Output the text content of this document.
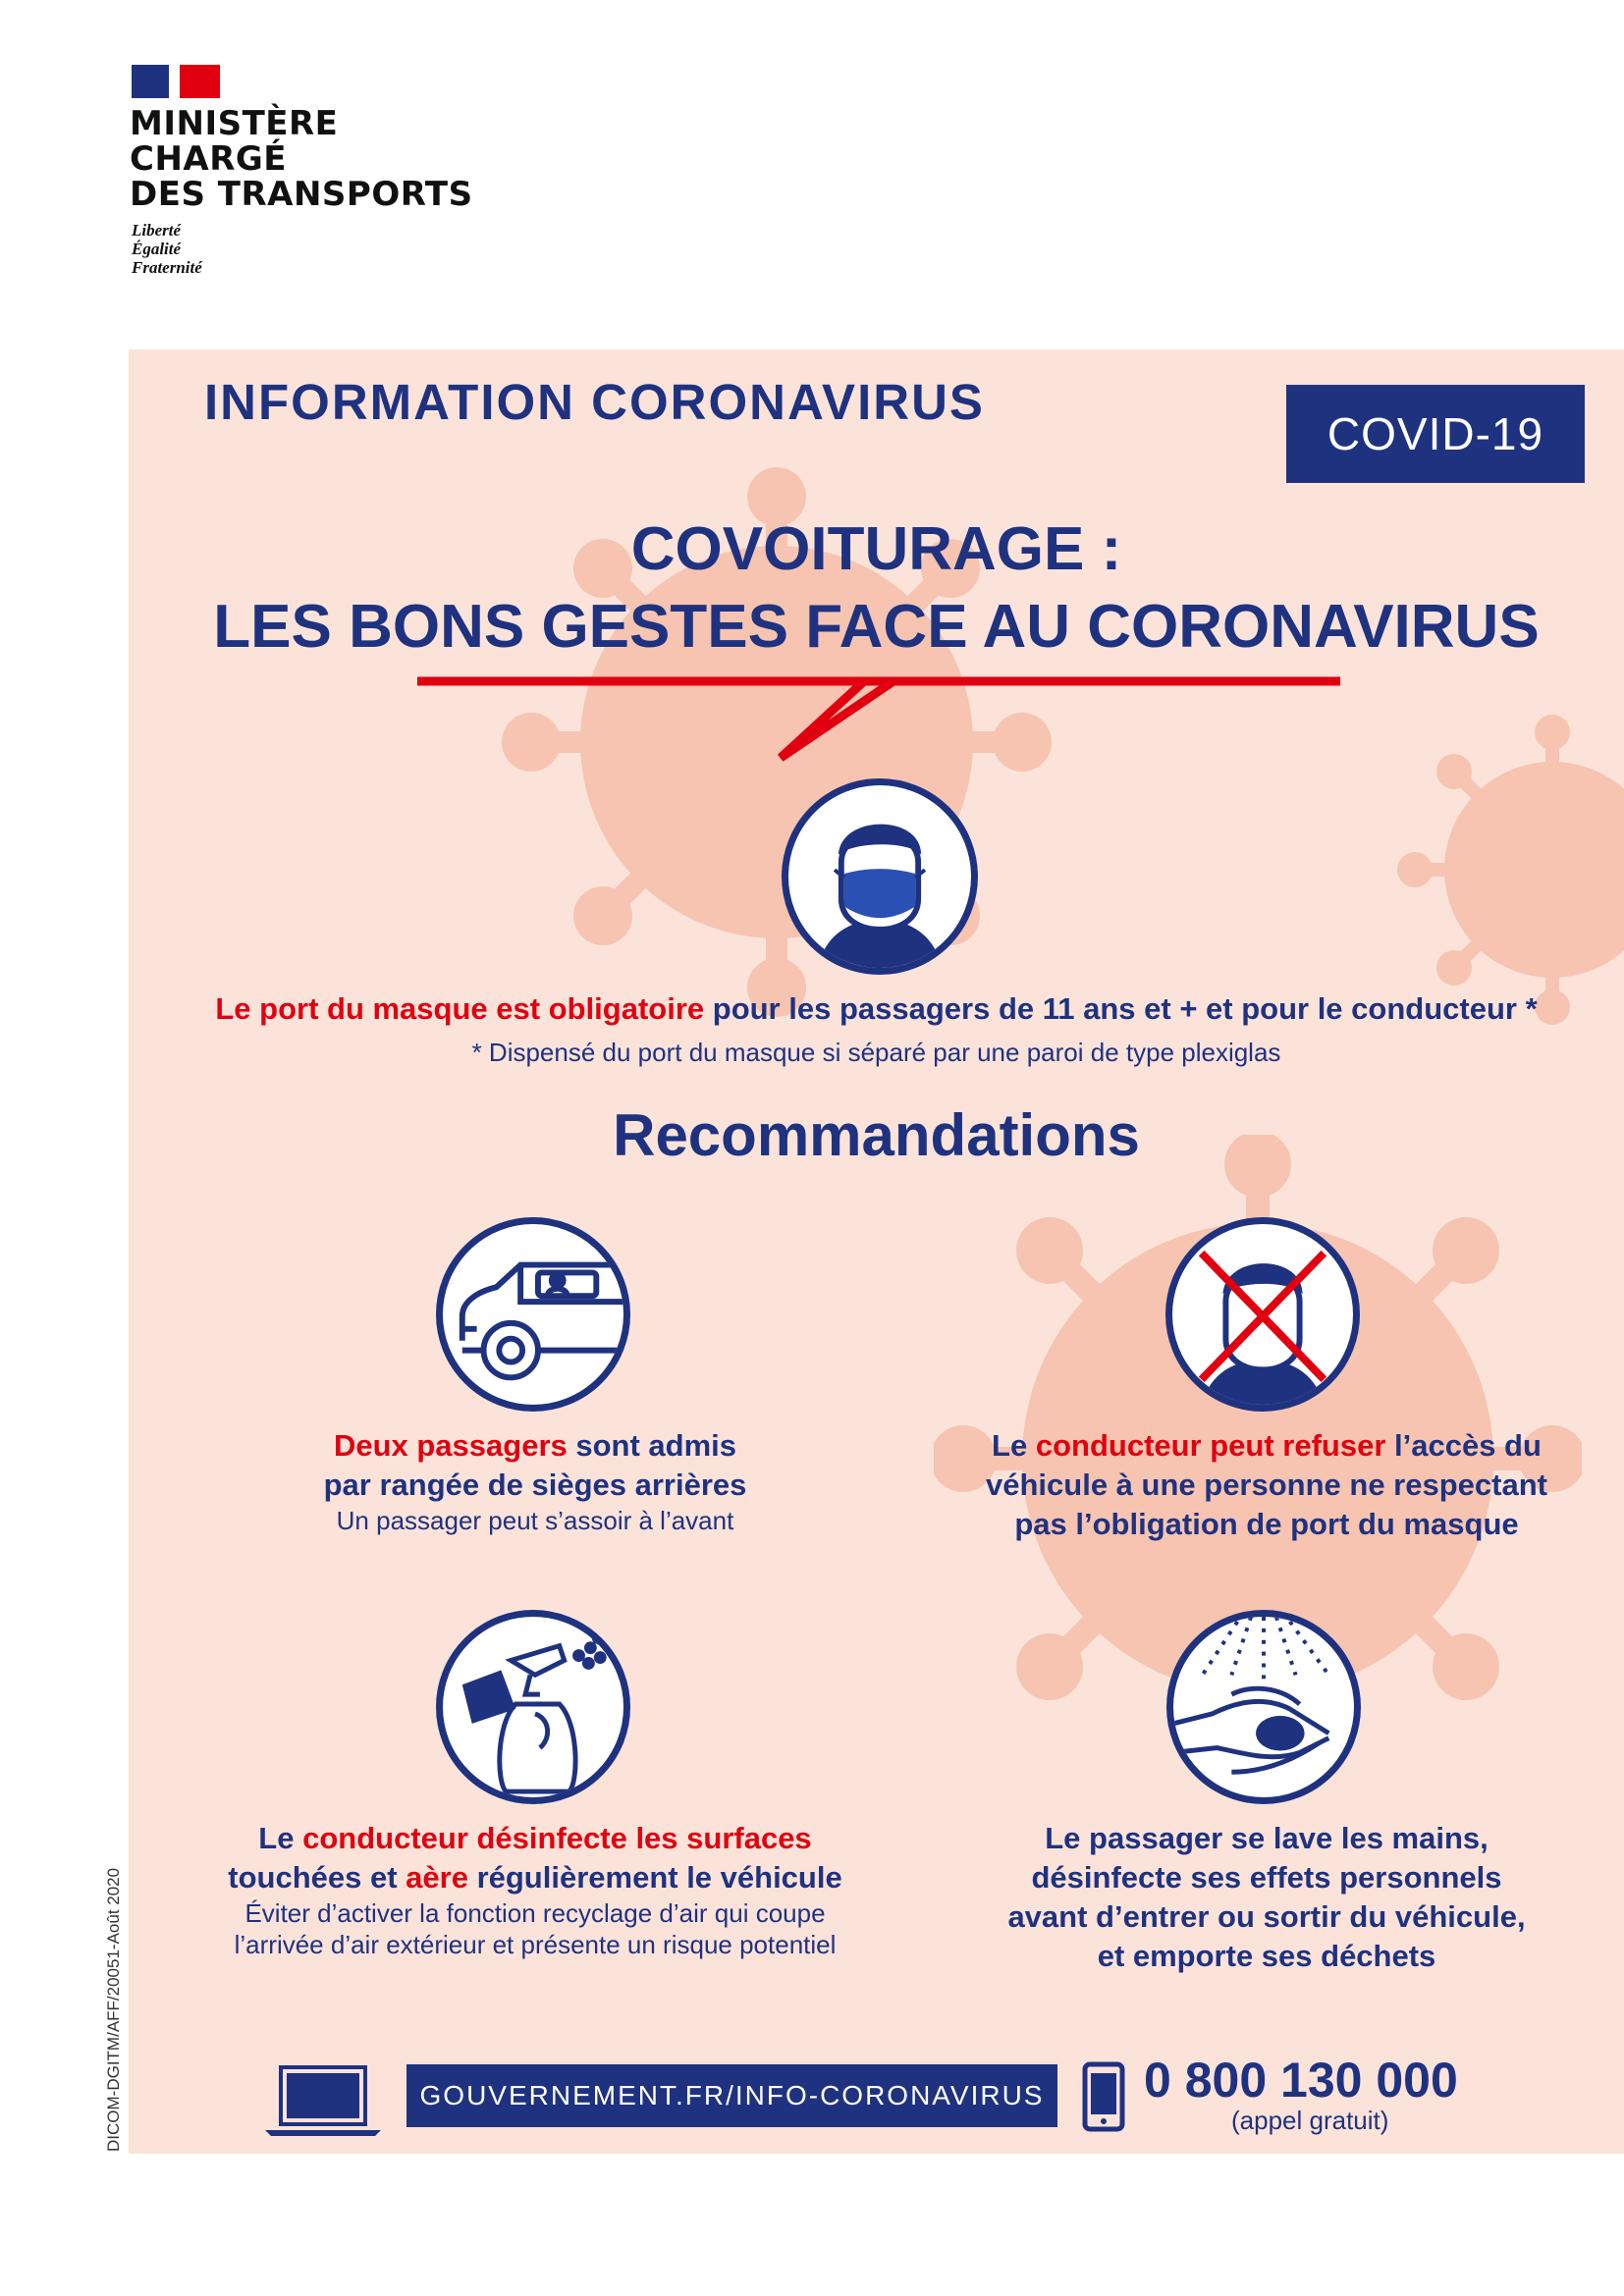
MINISTÈRE
CHARGÉ
DES TRANSPORTS
Liberté
Égalité
Fraternité
INFORMATION CORONAVIRUS
COVID-19
COVOITURAGE :
LES BONS GESTES FACE AU CORONAVIRUS
Le port du masque est obligatoire pour les passagers de 11 ans et + et pour le conducteur *
* Dispensé du port du masque si séparé par une paroi de type plexiglas
Recommandations
Deux passagers sont admis
par rangée de sièges arrières
Un passager peut s’assoir à l’avant
Le conducteur peut refuser l’accès du
véhicule à une personne ne respectant
pas l’obligation de port du masque
Le conducteur désinfecte les surfaces
touchées et aère régulièrement le véhicule
Éviter d’activer la fonction recyclage d’air qui coupe
l’arrivée d’air extérieur et présente un risque potentiel
Le passager se lave les mains,
désinfecte ses effets personnels
avant d’entrer ou sortir du véhicule,
et emporte ses déchets
GOUVERNEMENT.FR/INFO-CORONAVIRUS 0 800 130 000
(appel gratuit)
DICOM-DGITM/AFF/20051-Août 2020
